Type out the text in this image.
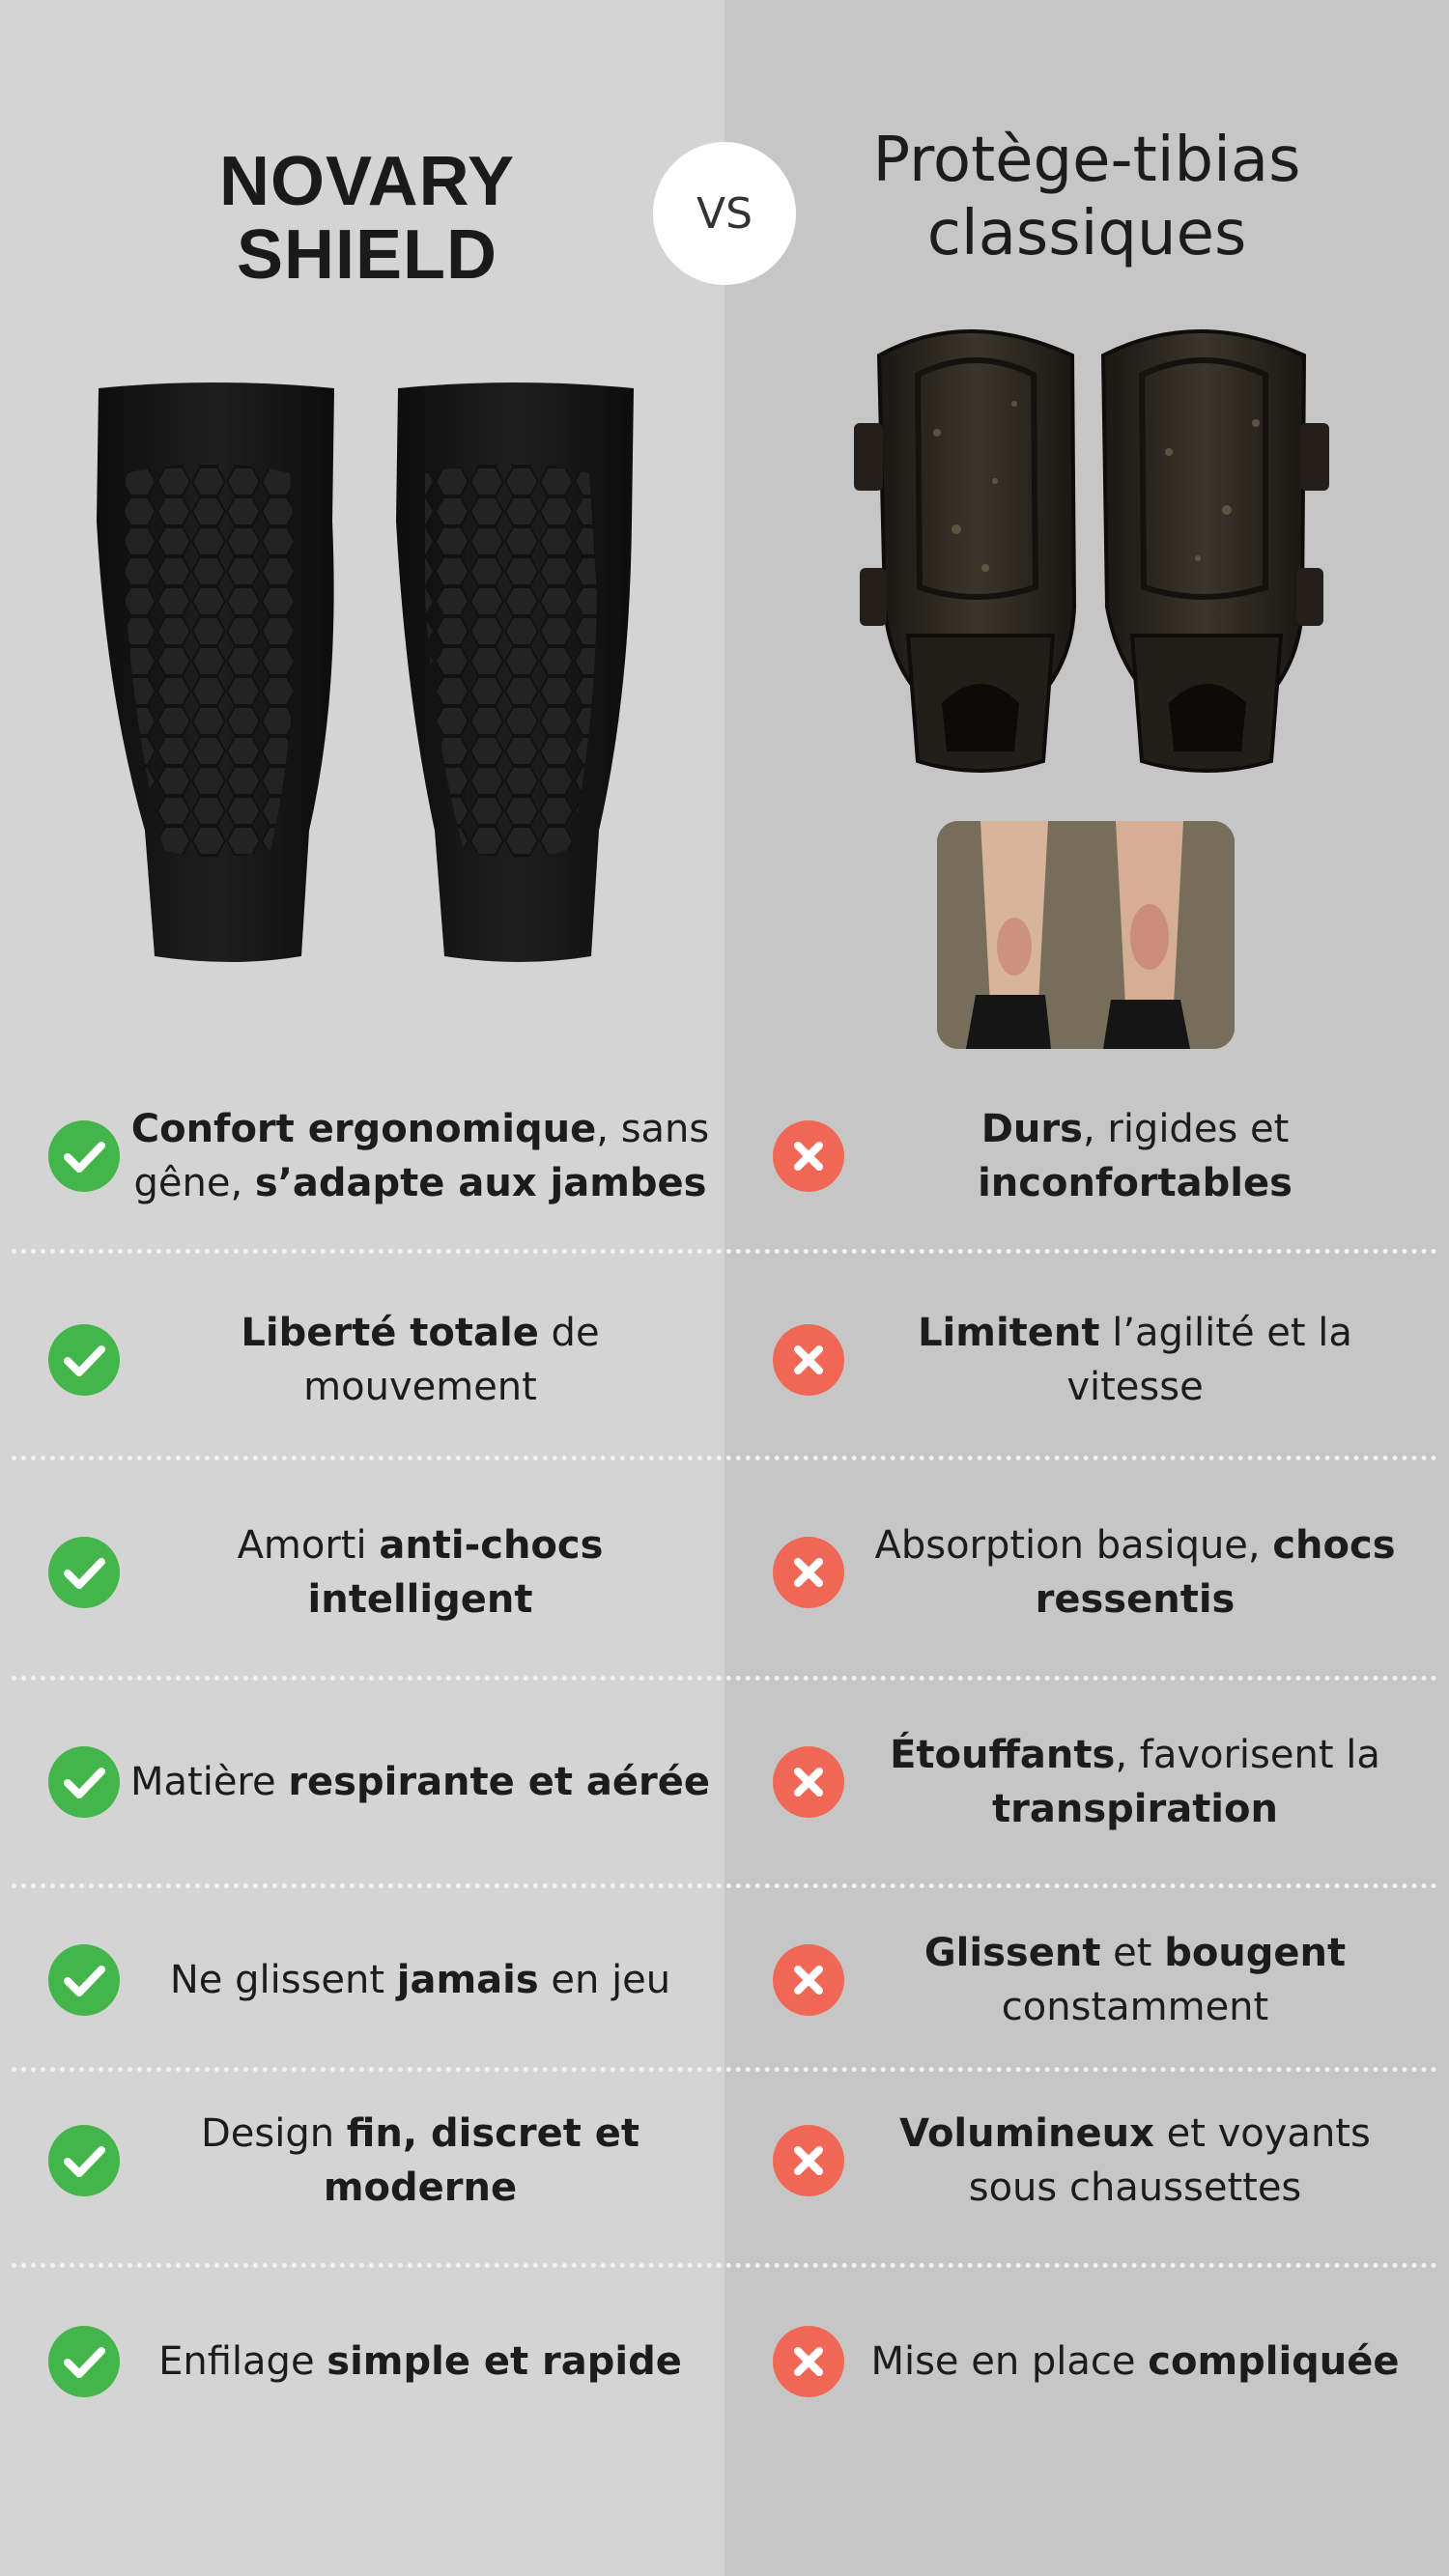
NOVARY
SHIELD
VS
Protège-tibias
classiques
Confort ergonomique, sans gêne, s’adapte aux jambes
Durs, rigides et inconfortables
Liberté totale de mouvement
Limitent l’agilité et la vitesse
Amorti anti-chocs intelligent
Absorption basique, chocs ressentis
Matière respirante et aérée
Étouffants, favorisent la transpiration
Ne glissent jamais en jeu
Glissent et bougent constamment
Design fin, discret et moderne
Volumineux et voyants sous chaussettes
Enfilage simple et rapide	Mise en place compliquée
